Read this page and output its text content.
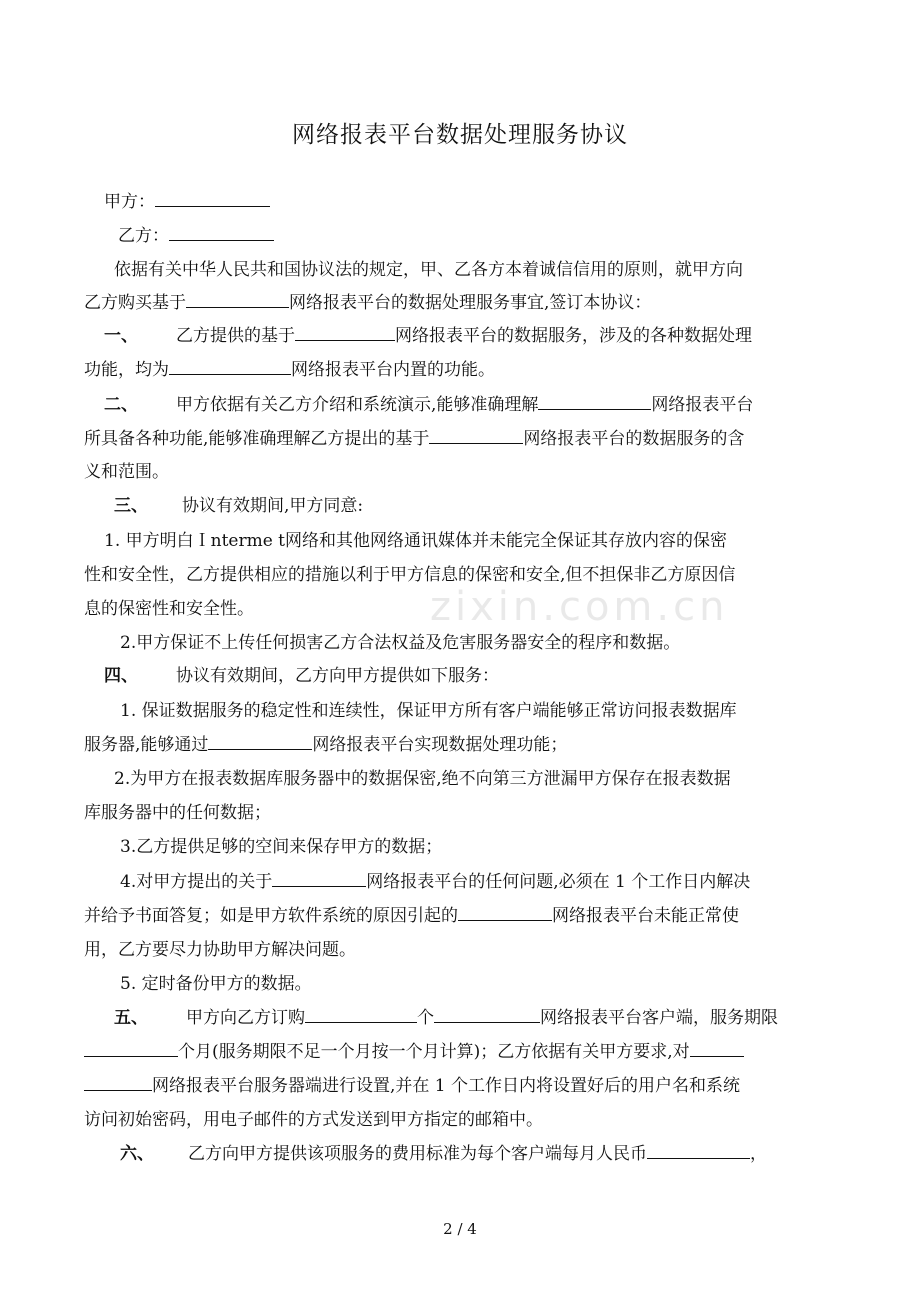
zixin.com.cn
网络报表平台数据处理服务协议
甲方：
乙方：
依据有关中华人民共和国协议法的规定，甲、乙各方本着诚信信用的原则，就甲方向
乙方购买基于	网络报表平台的数据处理服务事宜,签订本协议：
一、 乙方提供的基于	网络报表平台的数据服务，涉及的各种数据处理
功能，均为	网络报表平台内置的功能。
二、 甲方依据有关乙方介绍和系统演示,能够准确理解	网络报表平台
所具备各种功能,能够准确理解乙方提出的基于	网络报表平台的数据服务的含
义和范围。
三、 协议有效期间,甲方同意:
1. 甲方明白Ｉnterme t网络和其他网络通讯媒体并未能完全保证其存放内容的保密
性和安全性，乙方提供相应的措施以利于甲方信息的保密和安全,但不担保非乙方原因信
息的保密性和安全性。
2.甲方保证不上传任何损害乙方合法权益及危害服务器安全的程序和数据。
四、 协议有效期间，乙方向甲方提供如下服务：
1. 保证数据服务的稳定性和连续性，保证甲方所有客户端能够正常访问报表数据库
服务器,能够通过	网络报表平台实现数据处理功能；
2.为甲方在报表数据库服务器中的数据保密,绝不向第三方泄漏甲方保存在报表数据
库服务器中的任何数据；
3.乙方提供足够的空间来保存甲方的数据；
4.对甲方提出的关于	网络报表平台的任何问题,必须在 1 个工作日内解决
并给予书面答复；如是甲方软件系统的原因引起的	网络报表平台未能正常使
用，乙方要尽力协助甲方解决问题。
5. 定时备份甲方的数据。
五、 甲方向乙方订购	个	网络报表平台客户端，服务期限
个月(服务期限不足一个月按一个月计算)；乙方依据有关甲方要求,对
网络报表平台服务器端进行设置,并在 1 个工作日内将设置好后的用户名和系统
访问初始密码，用电子邮件的方式发送到甲方指定的邮箱中。
六、 乙方向甲方提供该项服务的费用标准为每个客户端每月人民币	，
2 / 4
